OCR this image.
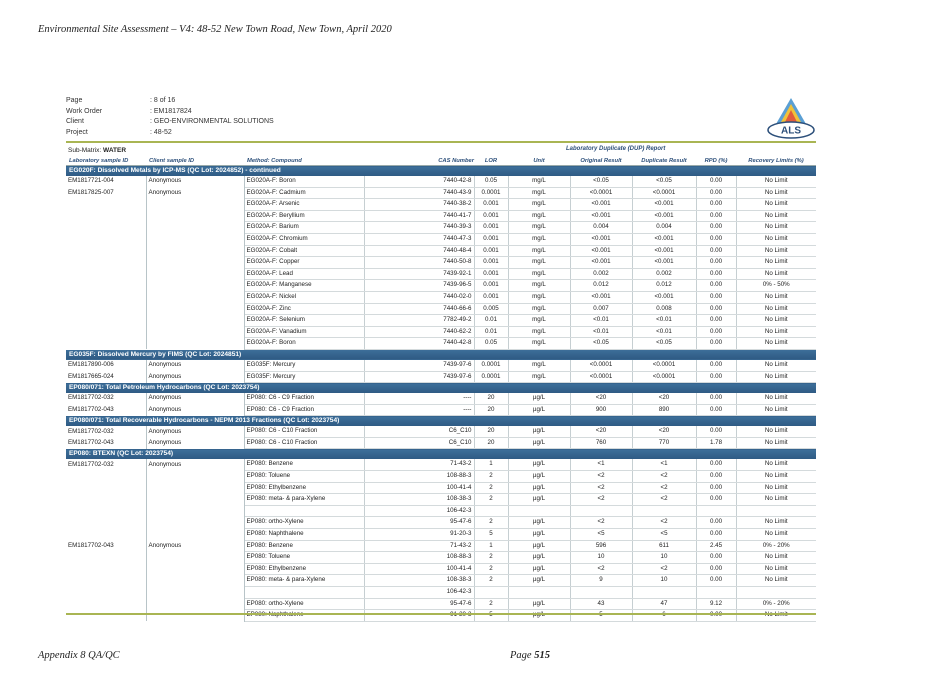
Environmental Site Assessment – V4: 48-52 New Town Road, New Town, April 2020
Page	: 8 of 16
Work Order	: EM1817824
Client	: GEO-ENVIRONMENTAL SOLUTIONS
Project	: 48-52	ALS
Sub-Matrix: WATER	Laboratory Duplicate (DUP) Report
Laboratory sample ID	Client sample ID	Method: Compound	CAS Number	LOR	Unit	Original Result	Duplicate Result	RPD (%)	Recovery Limits (%)
EG020F: Dissolved Metals by ICP-MS (QC Lot: 2024852) - continued									
EM1817721-004	Anonymous	EG020A-F: Boron	7440-42-8	0.05	mg/L	<0.05	<0.05	0.00	No Limit
EM1817825-007	Anonymous	EG020A-F: Cadmium	7440-43-9	0.0001	mg/L	<0.0001	<0.0001	0.00	No Limit
		EG020A-F: Arsenic	7440-38-2	0.001	mg/L	<0.001	<0.001	0.00	No Limit
		EG020A-F: Beryllium	7440-41-7	0.001	mg/L	<0.001	<0.001	0.00	No Limit
		EG020A-F: Barium	7440-39-3	0.001	mg/L	0.004	0.004	0.00	No Limit
		EG020A-F: Chromium	7440-47-3	0.001	mg/L	<0.001	<0.001	0.00	No Limit
		EG020A-F: Cobalt	7440-48-4	0.001	mg/L	<0.001	<0.001	0.00	No Limit
		EG020A-F: Copper	7440-50-8	0.001	mg/L	<0.001	<0.001	0.00	No Limit
		EG020A-F: Lead	7439-92-1	0.001	mg/L	0.002	0.002	0.00	No Limit
		EG020A-F: Manganese	7439-96-5	0.001	mg/L	0.012	0.012	0.00	0% - 50%
		EG020A-F: Nickel	7440-02-0	0.001	mg/L	<0.001	<0.001	0.00	No Limit
		EG020A-F: Zinc	7440-66-6	0.005	mg/L	0.007	0.008	0.00	No Limit
		EG020A-F: Selenium	7782-49-2	0.01	mg/L	<0.01	<0.01	0.00	No Limit
		EG020A-F: Vanadium	7440-62-2	0.01	mg/L	<0.01	<0.01	0.00	No Limit
		EG020A-F: Boron	7440-42-8	0.05	mg/L	<0.05	<0.05	0.00	No Limit
EG035F: Dissolved Mercury by FIMS (QC Lot: 2024851)									
EM1817890-006	Anonymous	EG035F: Mercury	7439-97-6	0.0001	mg/L	<0.0001	<0.0001	0.00	No Limit
EM1817665-024	Anonymous	EG035F: Mercury	7439-97-6	0.0001	mg/L	<0.0001	<0.0001	0.00	No Limit
EP080/071: Total Petroleum Hydrocarbons (QC Lot: 2023754)									
EM1817702-032	Anonymous	EP080: C6 - C9 Fraction	----	20	µg/L	<20	<20	0.00	No Limit
EM1817702-043	Anonymous	EP080: C6 - C9 Fraction	----	20	µg/L	900	890	0.00	No Limit
EP080/071: Total Recoverable Hydrocarbons - NEPM 2013 Fractions (QC Lot: 2023754)									
EM1817702-032	Anonymous	EP080: C6 - C10 Fraction	C6_C10	20	µg/L	<20	<20	0.00	No Limit
EM1817702-043	Anonymous	EP080: C6 - C10 Fraction	C6_C10	20	µg/L	760	770	1.78	No Limit
EP080: BTEXN (QC Lot: 2023754)									
EM1817702-032	Anonymous	EP080: Benzene	71-43-2	1	µg/L	<1	<1	0.00	No Limit
		EP080: Toluene	108-88-3	2	µg/L	<2	<2	0.00	No Limit
		EP080: Ethylbenzene	100-41-4	2	µg/L	<2	<2	0.00	No Limit
		EP080: meta- & para-Xylene	108-38-3	2	µg/L	<2	<2	0.00	No Limit
			106-42-3						
		EP080: ortho-Xylene	95-47-6	2	µg/L	<2	<2	0.00	No Limit
		EP080: Naphthalene	91-20-3	5	µg/L	<5	<5	0.00	No Limit
EM1817702-043	Anonymous	EP080: Benzene	71-43-2	1	µg/L	596	611	2.45	0% - 20%
		EP080: Toluene	108-88-3	2	µg/L	10	10	0.00	No Limit
		EP080: Ethylbenzene	100-41-4	2	µg/L	<2	<2	0.00	No Limit
		EP080: meta- & para-Xylene	108-38-3	2	µg/L	9	10	0.00	No Limit
			106-42-3						
		EP080: ortho-Xylene	95-47-6	2	µg/L	43	47	9.12	0% - 20%

Appendix 8 QA/QC	Page 515
